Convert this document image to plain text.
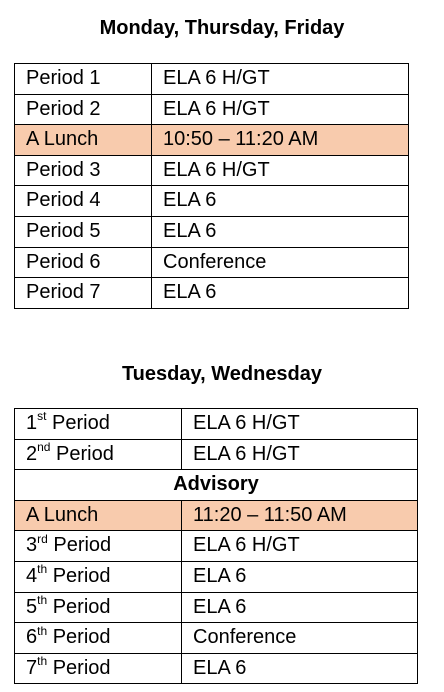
Monday, Thursday, Friday
Period 1	ELA 6 H/GT
Period 2	ELA 6 H/GT
A Lunch	10:50 – 11:20 AM
Period 3	ELA 6 H/GT
Period 4	ELA 6
Period 5	ELA 6
Period 6	Conference
Period 7	ELA 6
Tuesday, Wednesday
1st Period	ELA 6 H/GT
2nd Period	ELA 6 H/GT
Advisory	
A Lunch	11:20 – 11:50 AM
3rd Period	ELA 6 H/GT
4th Period	ELA 6
5th Period	ELA 6
6th Period	Conference
7th Period	ELA 6
